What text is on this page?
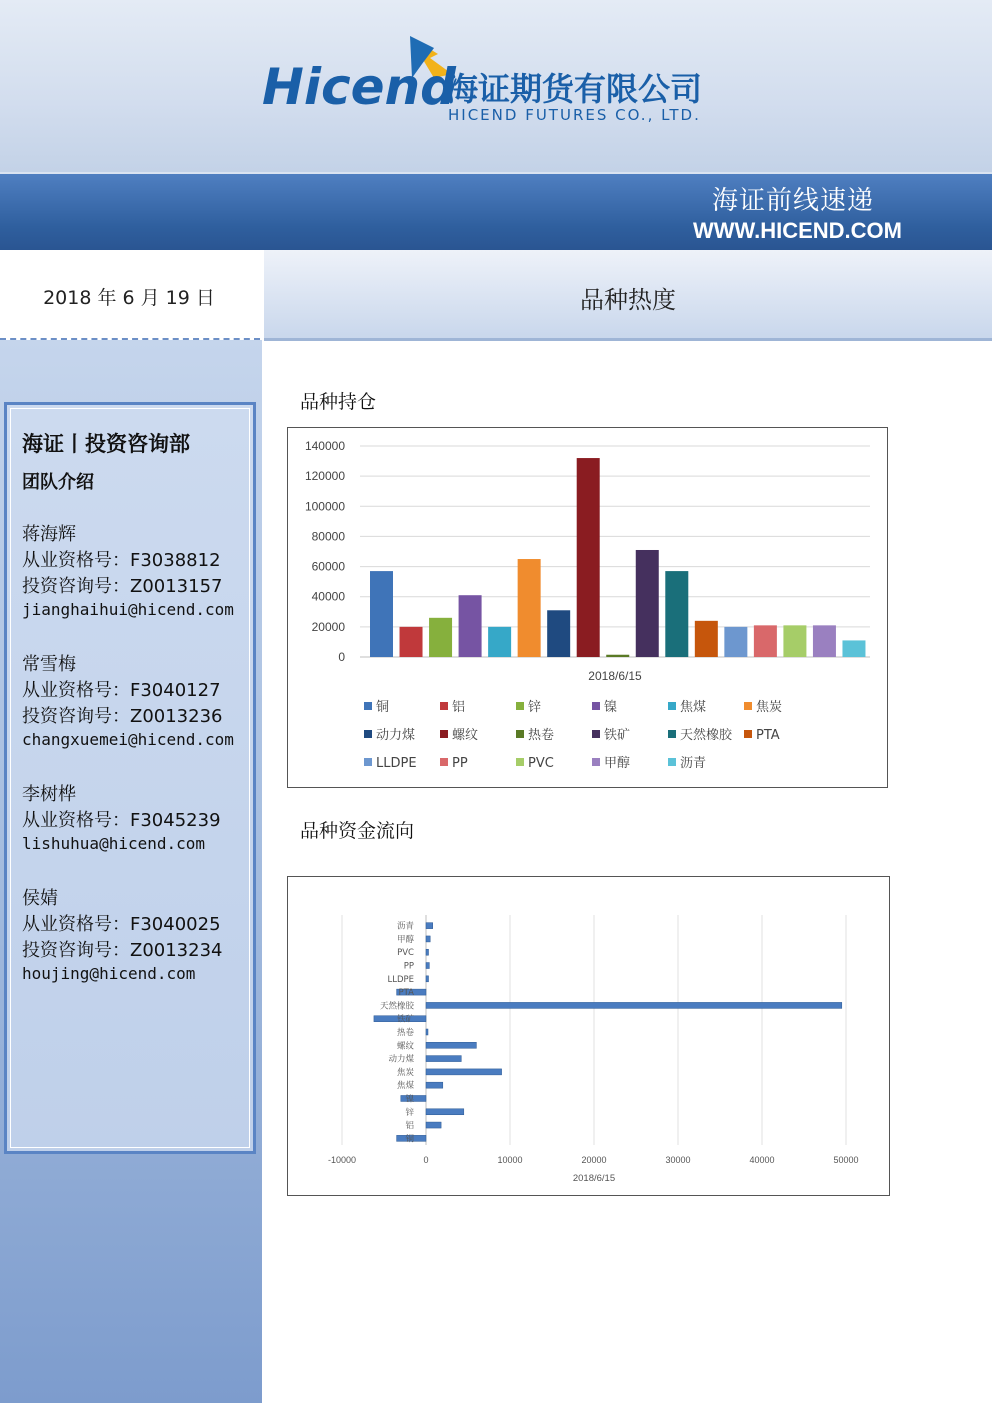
Hicend
海证期货有限公司
HICEND FUTURES CO., LTD.
海证前线速递
WWW.HICEND.COM
2018 年 6 月 19 日	品种热度
海证丨投资咨询部
团队介绍
蒋海辉
从业资格号：F3038812
投资咨询号：Z0013157
jianghaihui@hicend.com
常雪梅
从业资格号：F3040127
投资咨询号：Z0013236
changxuemei@hicend.com
李树桦
从业资格号：F3045239
lishuhua@hicend.com
侯婧
从业资格号：F3040025
投资咨询号：Z0013234
houjing@hicend.com
品种持仓
品种资金流向
0
20000
40000
60000
80000
100000
120000
140000
2018/6/15
铜	铝	锌	镍	焦煤	焦炭
动力煤	螺纹	热卷	铁矿	天然橡胶 PTA
LLDPE	PP	PVC	甲醇	沥青
-10000	0	10000	20000	30000	40000	50000
铜
铝
锌
镍
焦煤
焦炭
动力煤
螺纹
热卷
铁矿
天然橡胶
PTA
LLDPE
PP
PVC
甲醇
沥青
2018/6/15
